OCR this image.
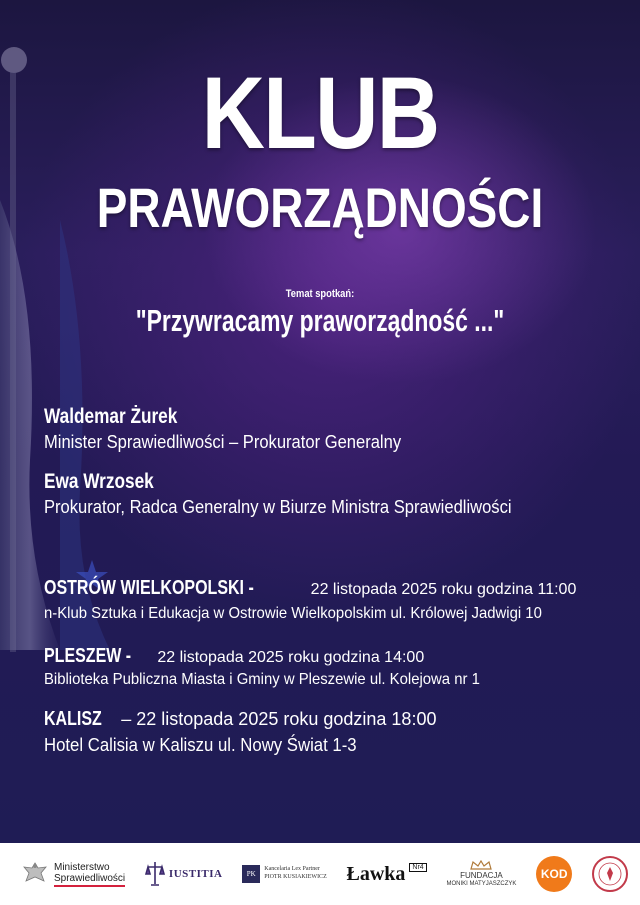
KLUB
PRAWORZĄDNOŚCI
Temat spotkań:
"Przywracamy praworządność ..."
Waldemar Żurek
Minister Sprawiedliwości – Prokurator Generalny
Ewa Wrzosek
Prokurator, Radca Generalny w Biurze Ministra Sprawiedliwości
OSTRÓW WIELKOPOLSKI -	22 listopada 2025 roku godzina 11:00
n-Klub Sztuka i Edukacja w Ostrowie Wielkopolskim ul. Królowej Jadwigi 10
PLESZEW - 22 listopada 2025 roku godzina 14:00
Biblioteka Publiczna Miasta i Gminy w Pleszewie ul. Kolejowa nr 1
KALISZ – 22 listopada 2025 roku godzina 18:00
Hotel Calisia w Kaliszu ul. Nowy Świat 1-3
Ministerstwo
Sprawiedliwości	IUSTITIA	PK
Kancelaria Lex Partner
PIOTR KUSIAKIEWICZ Ławka	Nr4
FUNDACJA
MONIKI MATYJASZCZYK
KOD
